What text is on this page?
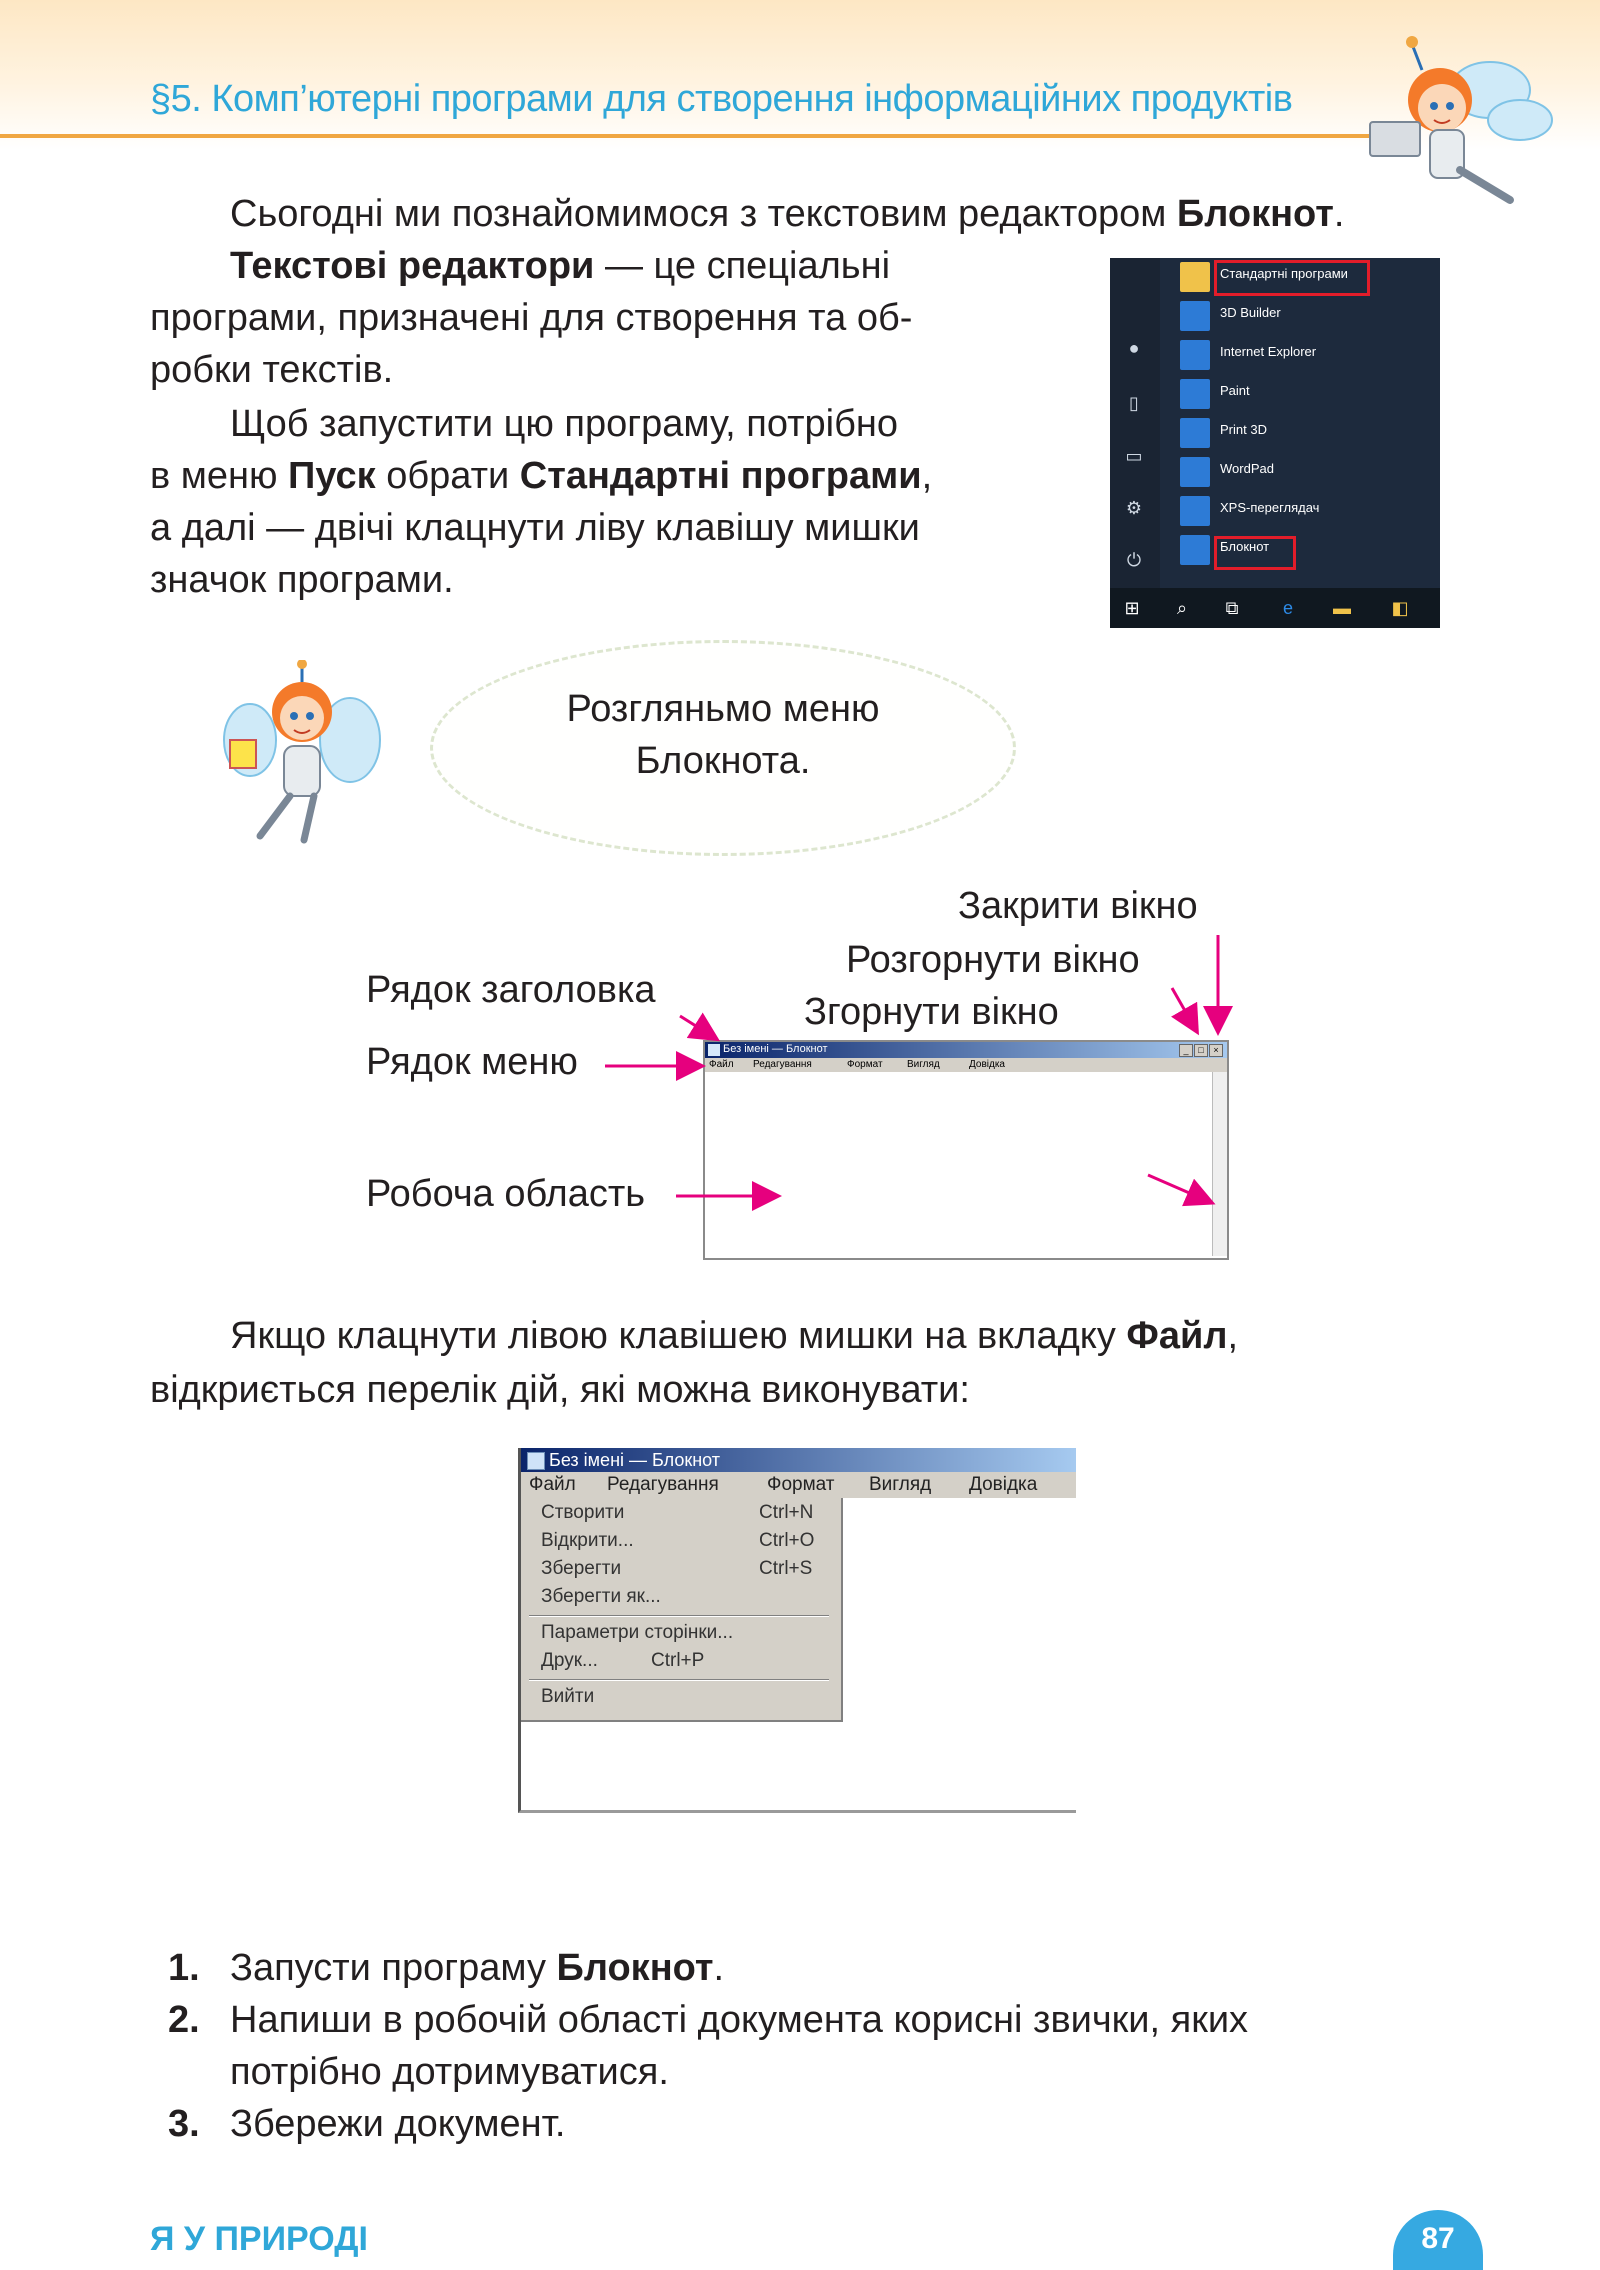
§5. Комп’ютерні програми для створення інформаційних продуктів
Сьогодні ми познайомимося з текстовим редактором Блокнот.
Текстові редактори — це спеціальні
програми, призначені для створення та об-
робки текстів.
Щоб запустити цю програму, потрібно
в меню Пуск обрати Стандартні програми,
а далі — двічі клацнути ліву клавішу мишки
значок програми.
●
▯
▭
⚙
⏻
Стандартні програми
3D Builder
Internet Explorer
Paint
Print 3D
WordPad
XPS-переглядач
Блокнот
⊞ ⌕ ⧉ e ▬ ◧
Розгляньмо меню
Блокнота.
Закрити вікно
Розгорнути вікно
Згорнути вікно
Рядок заголовка
Рядок меню
Робоча область
Без імені — Блокнот	_	□	×
Файл Редагування	Формат Вигляд	Довідка
Якщо клацнути лівою клавішею мишки на вкладку Файл,
відкриється перелік дій, які можна виконувати:
Без імені — Блокнот
Файл Редагування	Формат Вигляд Довідка
Створити	Ctrl+N
Відкрити...	Ctrl+O
Зберегти	Ctrl+S
Зберегти як...
Параметри сторінки...
Друк...	Ctrl+P
Вийти
1. Запусти програму Блокнот.
2. Напиши в робочій області документа корисні звички, яких
потрібно дотримуватися.
3. Збережи документ.
Я У ПРИРОДІ	87
